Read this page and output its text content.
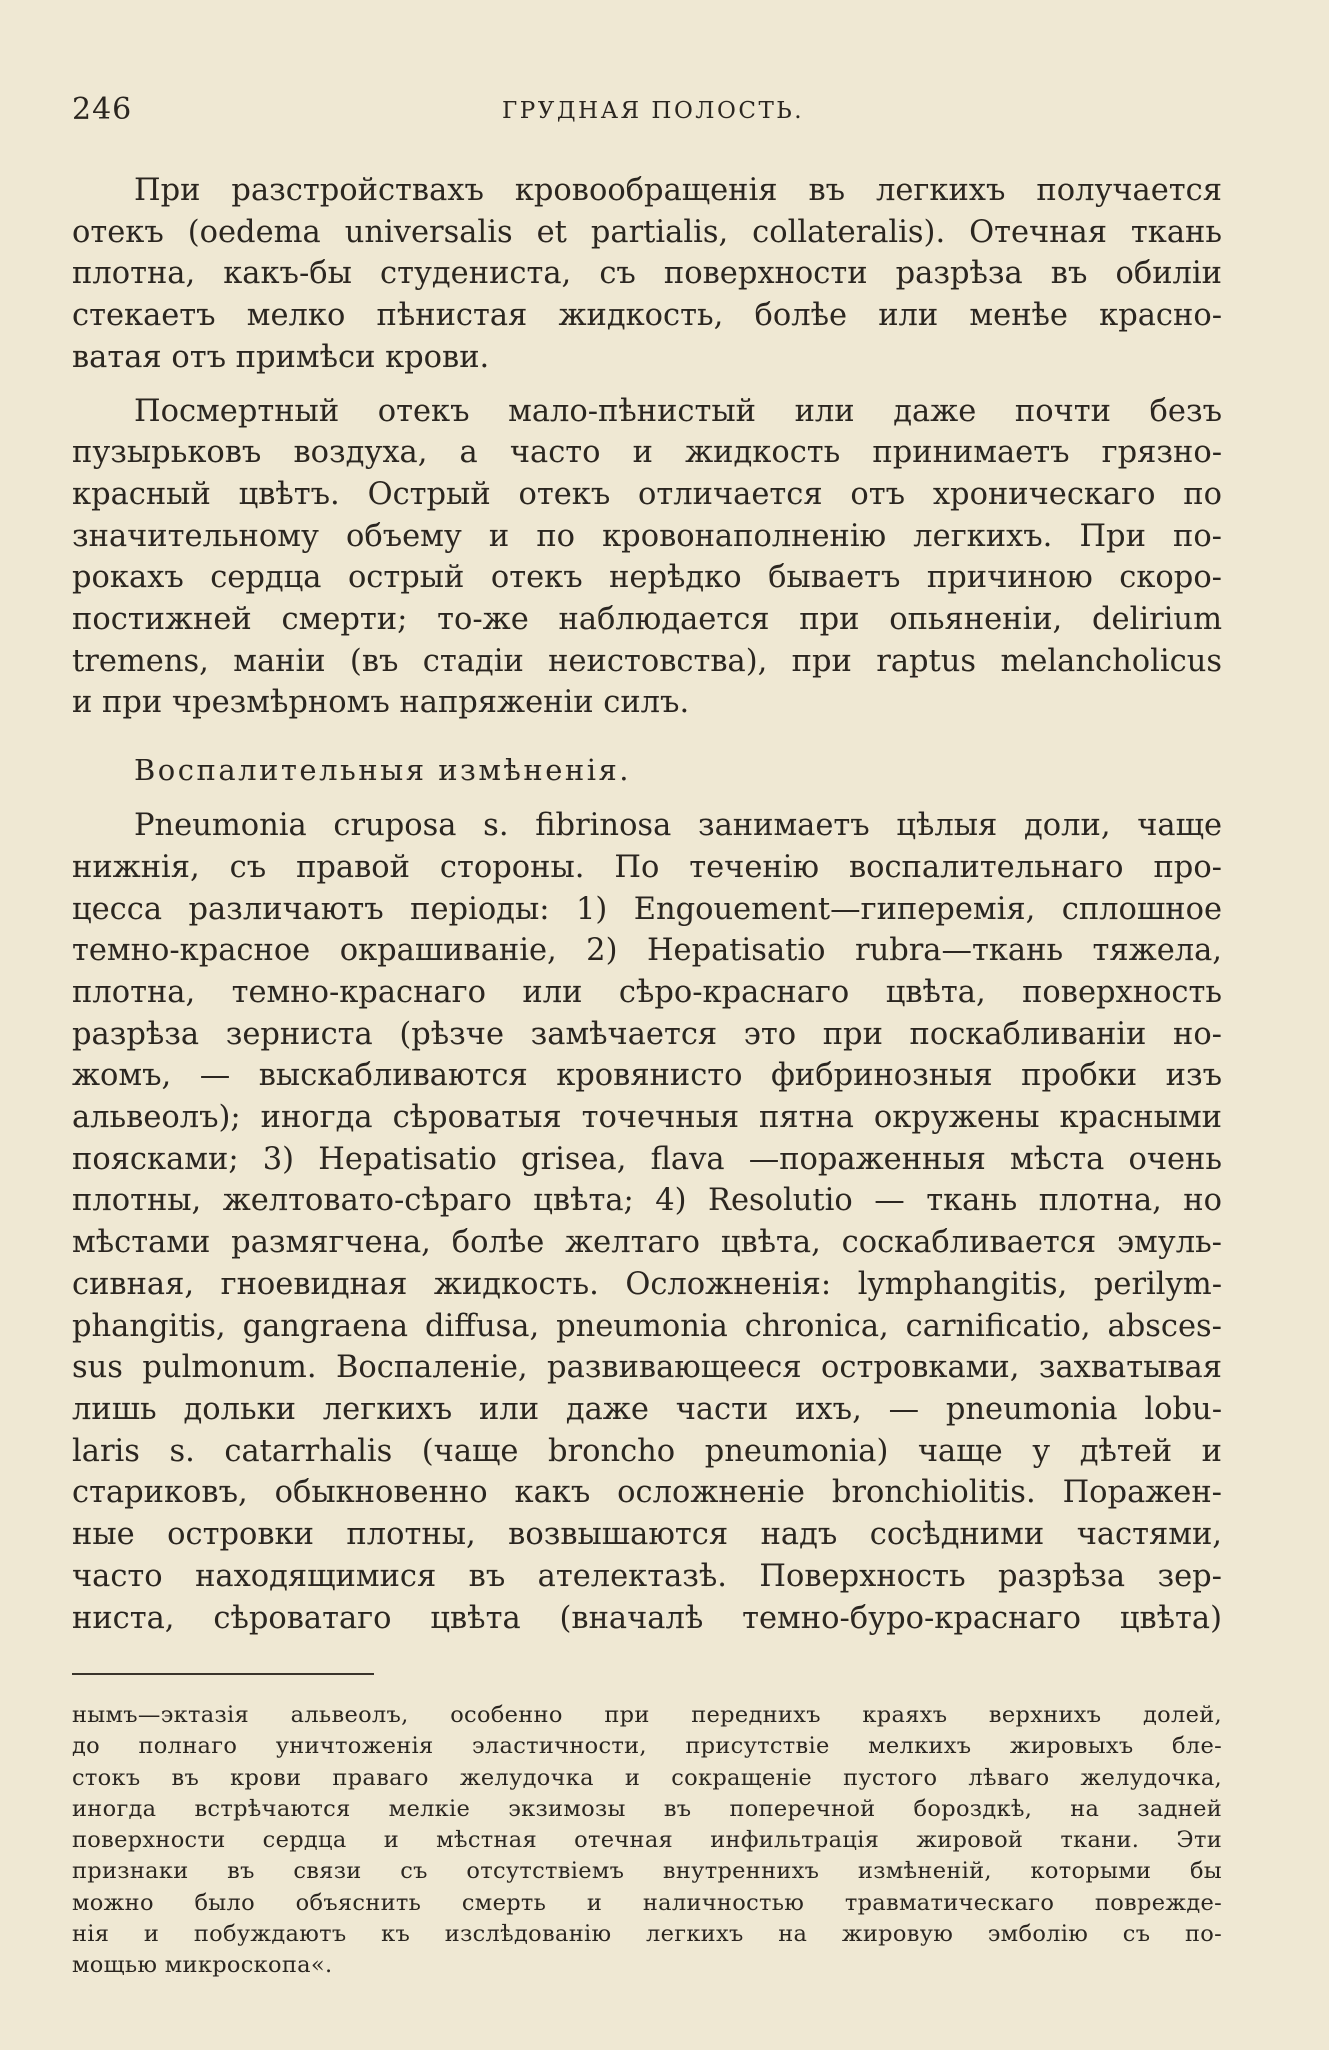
246	ГРУДНАЯ ПОЛОСТЬ.
При разстройствахъ кровообращенія въ легкихъ получается
отекъ (oedema universalis et partialis, collateralis). Отечная ткань
плотна, какъ-бы студениста, съ поверхности разрѣза въ обиліи
стекаетъ мелко пѣнистая жидкость, болѣе или менѣе красно-
ватая отъ примѣси крови.
Посмертный отекъ мало-пѣнистый или даже почти безъ
пузырьковъ воздуха, а часто и жидкость принимаетъ грязно-
красный цвѣтъ. Острый отекъ отличается отъ хроническаго по
значительному объему и по кровонаполненію легкихъ. При по-
рокахъ сердца острый отекъ нерѣдко бываетъ причиною скоро-
постижней смерти; то-же наблюдается при опьяненіи, delirium
tremens, маніи (въ стадіи неистовства), при raptus melancholicus
и при чрезмѣрномъ напряженіи силъ.
Воспалительныя измѣненія.
Pneumonia cruposa s. fibrinosa занимаетъ цѣлыя доли, чаще
нижнія, съ правой стороны. По теченію воспалительнаго про-
цесса различаютъ періоды: 1) Engouement—гиперемія, сплошное
темно-красное окрашиваніе, 2) Hepatisatio rubra—ткань тяжела,
плотна, темно-краснаго или сѣро-краснаго цвѣта, поверхность
разрѣза зерниста (рѣзче замѣчается это при поскабливаніи но-
жомъ, — выскабливаются кровянисто фибринозныя пробки изъ
альвеолъ); иногда сѣроватыя точечныя пятна окружены красными
поясками; 3) Hepatisatio grisea, flava —пораженныя мѣста очень
плотны, желтовато-сѣраго цвѣта; 4) Resolutio — ткань плотна, но
мѣстами размягчена, болѣе желтаго цвѣта, соскабливается эмуль-
сивная, гноевидная жидкость. Осложненія: lymphangitis, perilym-
phangitis, gangraena diffusa, pneumonia chronica, carnificatio, absces-
sus pulmonum. Воспаленіе, развивающееся островками, захватывая
лишь дольки легкихъ или даже части ихъ, — pneumonia lobu-
laris s. catarrhalis (чаще broncho pneumonia) чаще у дѣтей и
стариковъ, обыкновенно какъ осложненіе bronchiolitis. Поражен-
ные островки плотны, возвышаются надъ сосѣдними частями,
часто находящимися въ ателектазѣ. Поверхность разрѣза зер-
ниста, сѣроватаго цвѣта (вначалѣ темно-буро-краснаго цвѣта)
нымъ—эктазія альвеолъ, особенно при переднихъ краяхъ верхнихъ долей,
до полнаго уничтоженія эластичности, присутствіе мелкихъ жировыхъ бле-
стокъ въ крови праваго желудочка и сокращеніе пустого лѣваго желудочка,
иногда встрѣчаются мелкіе экзимозы въ поперечной бороздкѣ, на задней
поверхности сердца и мѣстная отечная инфильтрація жировой ткани. Эти
признаки въ связи съ отсутствіемъ внутреннихъ измѣненій, которыми бы
можно было объяснить смерть и наличностью травматическаго поврежде-
нія и побуждаютъ къ изслѣдованію легкихъ на жировую эмболію съ по-
мощью микроскопа«.
